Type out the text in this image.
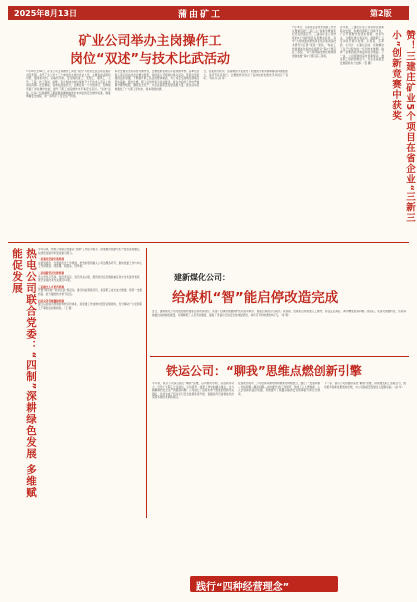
2025年8月13日	蒲由矿工	第2版
矿业公司举办主岗操作工
岗位“双述”与技术比武活动
7月26日至30日，矿业公司主岗操作工岗位“双述”与技术比武活动在煤矿大院开展。共开了全公司十三个单位的主岗位作业人员，主要包括采煤机司机、掘进机司机、运输机司机、安全阀检查工、支架工、通风工、人员、工程、技工等岗，能够、有计划地为岗位提供不少于技术人员以上的实际问题。在比赛前，各单位准备充分，比赛在每一个分组进行，有效地巩固了岗位操作技能，提升了职工实际操作水平和安全意识。“双述”活动，让每一位参赛职工都能够准确地描述出本岗位的安全操作标准，熟练掌握安全规程，进一步筑牢了安全生产防线。
本次比赛突出实用性与操作性，比赛结果将纳入年度绩效考核。各单位负责人表示将以此次比赛为契机，持续深入开展岗位练兵活动，营造比学赶超的良好氛围，不断提升职工队伍的整体素质，为公司安全高效发展奠定坚实基础。通过比赛，职工们纷纷表示受益匪浅，将在今后的工作中严格遵守操作规程，确保安全生产，为企业高质量发展贡献力量。此次活动有效激发了广大职工学技术、练本领的热情。
当，在案例分析中，各参赛选手表现出了较强的分析问题和解决问题的能力，各环节有序进行。比赛最终评选出了各岗位的优胜选手并进行了表彰。（刘小兵 孙 李）
7月16日，山东省企业技术创新工作会议暨第四届“三新三小”创新竞赛颁奖仪式在济南召开。三建庄矿业公司申报的5个创新项目在竞赛中获奖，其中“大型地面水源热泵系统节能改造技术研究与应用”荣获一等奖，“综采工作面智能化集控系统研究”等2个项目获二等奖，“井下胶带输送机托辊快速更换装置”等2个项目获三等奖。
近年来，三建庄矿业公司坚持以创新驱动发展，积极搭建职工创新平台，广泛开展群众性技术创新、技术攻关、合理化建议等活动，鼓励职工立足岗位开展小发明、小创造、小革新、小设计、小建议活动，有效解决了生产过程中的一系列技术难题，取得了显著的经济效益和社会效益。下一步，公司将继续深化创新驱动，激发职工创新创效活力，为企业高质量发展提供有力支撑。（张 鹏）	赞！三建庄矿业5个项目在省企业“三新三小”创新竞赛中获奖
热电公司联合党委：“四制”深耕绿色发展 多维赋能促发展	今年以来，热电公司联合党委以“四制”工作法为抓手，统筹推进党建与生产经营深度融合，在绿色发展中彰显党建引领力。
一是强化党建引领机制
完善党委会、支部委员会工作规则，把党的领导融入公司治理各环节，推动党建工作与中心工作同谋划、同部署、同落实、同考核。
二是创新党员先锋机制
设立党员示范岗、党员责任区、党员攻关小组，组织党员在急难险重任务中当先锋作表率，累计完成技术攻关项目12项。
三是健全人才培育机制
开展“师带徒”“技术比武”等活动，推行技能等级评价，拓宽职工成长成才通道，培养一支素质高、能力强的技术骨干队伍。
四是完善考核激励机制
建立以业绩为导向的考核评价体系，将党建工作成效与经营业绩挂钩，充分调动广大党员职工干事创业的积极性。（王 强）
建新煤化公司：
给煤机“智”能启停改造完成
近日，建新煤化公司完成给煤机智能启停改造项目，实现了给煤机根据锅炉负荷自动调节、智能启停的运行模式。改造前，给煤机启停依靠人工操作，存在反应滞后、调节精度低等问题。改造后，系统可根据料位、负荷等参数自动控制给煤量，有效降低了人员劳动强度，提高了设备运行的安全性和经济性，每年可节约电费约8万元。（李 明）
铁运公司：“聊我”思维点燃创新引擎
今年来，铁运公司深入践行“聊我”思维，以问题为导向，以创新为动力，引导广大职工立足岗位、主动思考，找准工作中的痛点难点，全力破解制约安全生产的瓶颈问题。公司成立了由技术骨干组成的创新攻关团队，先后完成了机车运行安全监测系统升级、铁路信号设备智能化改造等多项技术革新项目。
在创新过程中，公司坚持问题导向和效果导向相结合，建立了“发现问题—分析问题—解决问题—总结提升”的工作闭环，形成了人人想创新、人人会创新的良好氛围，有效提升了铁路运输的安全保障能力和运行效率。
下一步，铁运公司将继续深化“聊我”思维，持续激发职工创新活力，推动更多创新成果落地见效，为公司高质量发展注入强劲动能。（赵 华）
践行“四种经营理念”
